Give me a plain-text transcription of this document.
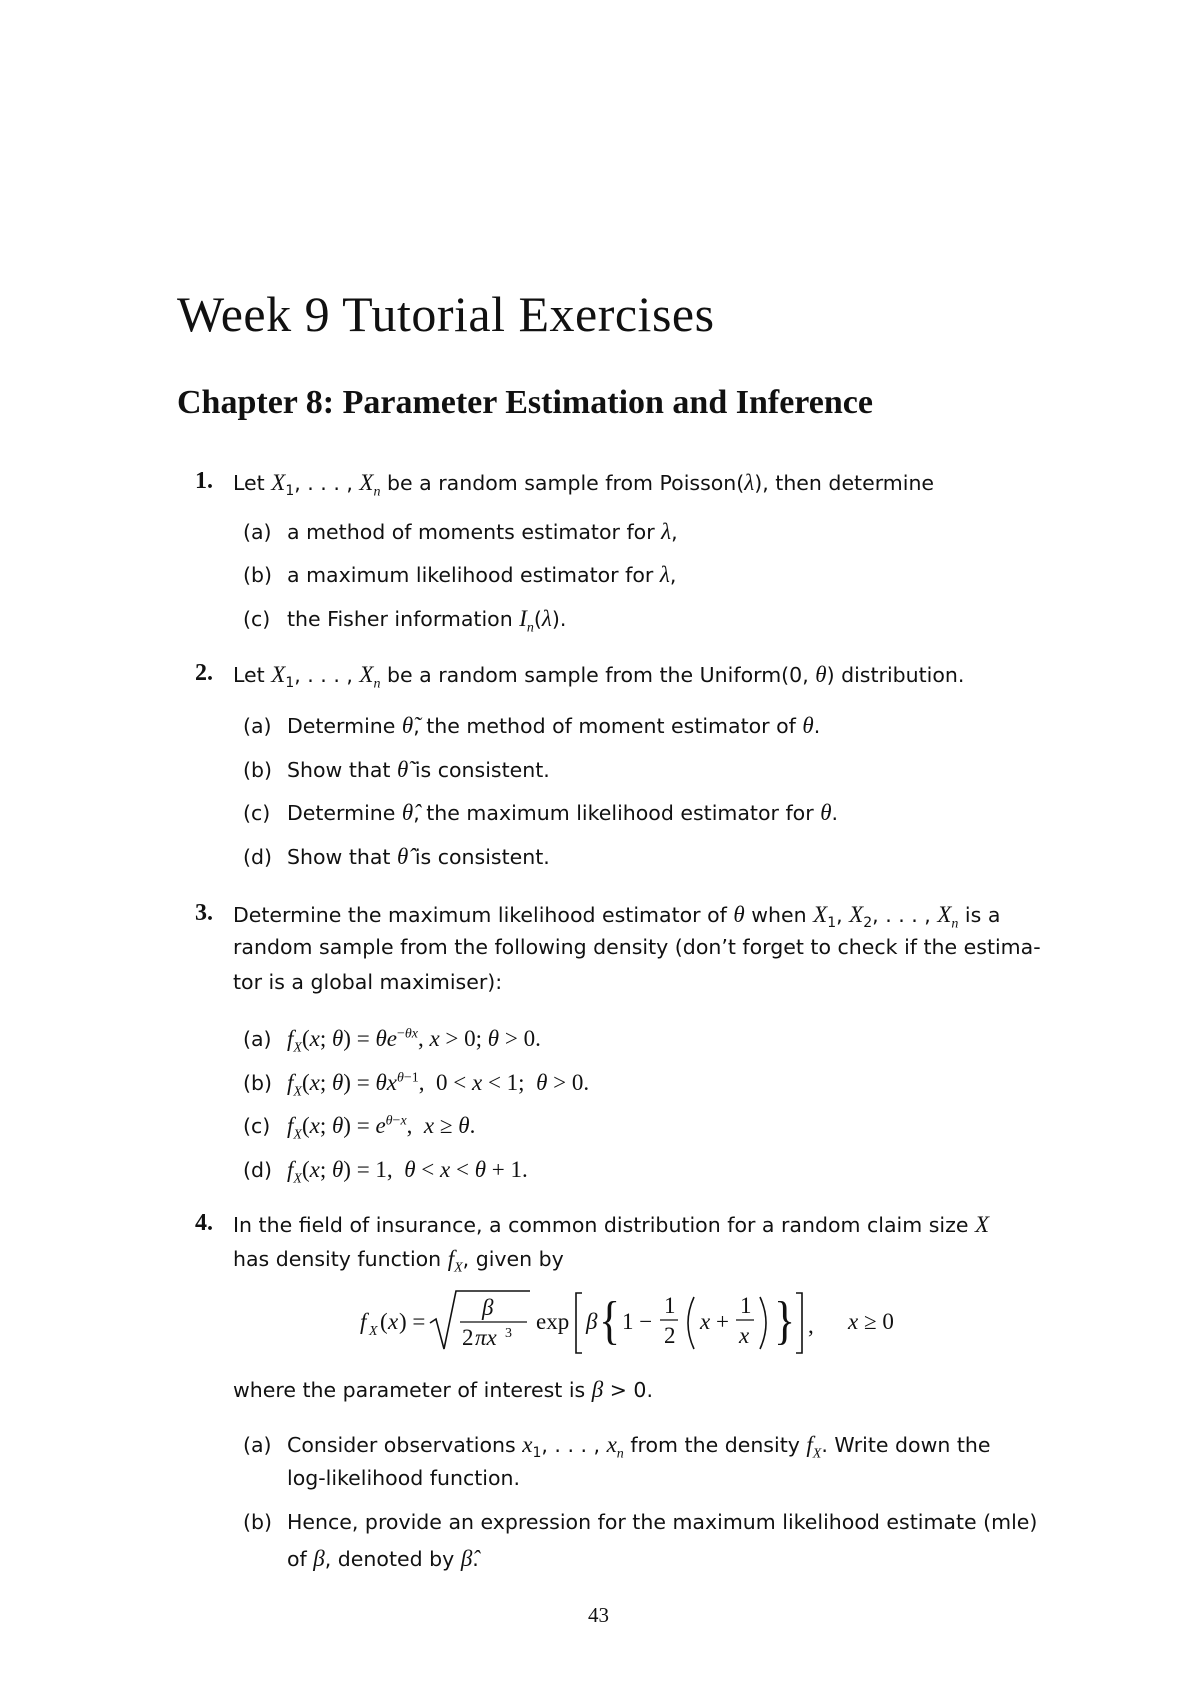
Week 9 Tutorial Exercises
Chapter 8: Parameter Estimation and Inference
1. Let $X_1$, . . . , $X_n$ be a random sample from Poisson(λ), then determine
(a) a method of moments estimator for λ,
(b) a maximum likelihood estimator for λ,
(c) the Fisher information $I_n(\lambda)$.
2. Let $X_1$, . . . , $X_n$ be a random sample from the Uniform(0, θ) distribution.
(a) Determine θ̃, the method of moment estimator of θ.
(b) Show that θ̃ is consistent.
(c) Determine θ̂, the maximum likelihood estimator for θ.
(d) Show that θ̂ is consistent.
3. Determine the maximum likelihood estimator of θ when $X_1$, $X_2$, . . . , $X_n$ is a
random sample from the following density (don’t forget to check if the estima-
tor is a global maximiser):
(a) $f_X(x$; $\theta) = \theta e^{-\theta x}$, x > 0; θ > 0.
(b) $f_X(x$; $\theta) = \theta x^{\theta-1}$,  0 < x < 1;  θ > 0.
(c) $f_X(x$; $\theta) = e^{\theta-x}$,  x ≥ θ.
(d) $f_X(x$; θ) = 1,  θ < x < θ + 1.
4. In the field of insurance, a common distribution for a random claim size X
has density function $f_X$, given by
f X ( x ) =
β
2 πx 3 exp β { 1 −
1
2
x +
1
x } , x ≥ 0
where the parameter of interest is β > 0.
(a) Consider observations $x_1$, . . . , $x_n$ from the density $f_X$. Write down the
log-likelihood function.
(b) Hence, provide an expression for the maximum likelihood estimate (mle)
of β, denoted by β̂.
43
